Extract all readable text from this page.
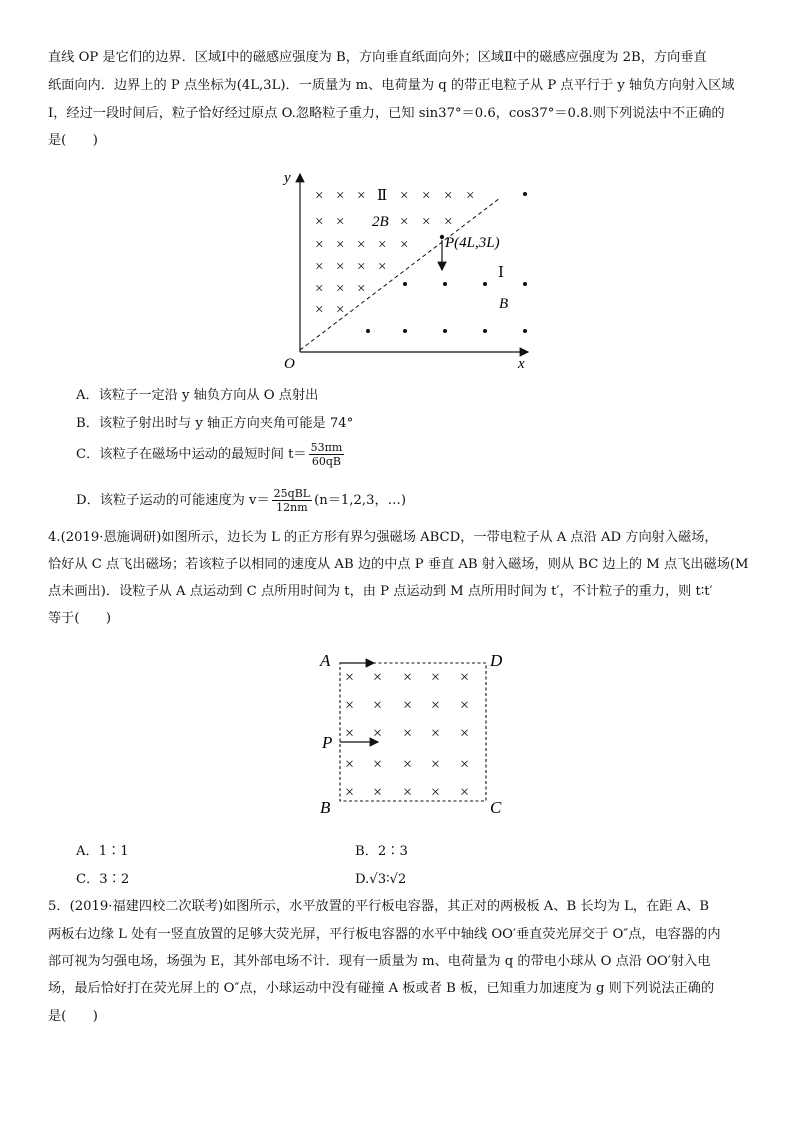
直线 OP 是它们的边界．区域Ⅰ中的磁感应强度为 B，方向垂直纸面向外；区域Ⅱ中的磁感应强度为 2B，方向垂直
纸面向内．边界上的 P 点坐标为(4L,3L)．一质量为 m、电荷量为 q 的带正电粒子从 P 点平行于 y 轴负方向射入区域
Ⅰ，经过一段时间后，粒子恰好经过原点 O.忽略粒子重力，已知 sin37°＝0.6，cos37°＝0.8.则下列说法中不正确的
是(　　)
y
x
O
× × × × × × ×
× ×	× × ×
× × × × ×
× × × ×
× × ×
× ×
Ⅱ
2B
Ⅰ
B
P(4L,3L)
A．该粒子一定沿 y 轴负方向从 O 点射出
B．该粒子射出时与 y 轴正方向夹角可能是 74°
C．该粒子在磁场中运动的最短时间 $t= \frac{53\pi m}{60qB}$
D．该粒子运动的可能速度为 $v= \frac{\text{25qBL}}{12nm} (n=1,2,3$，…)
4.(2019·恩施调研)如图所示，边长为 L 的正方形有界匀强磁场 ABCD，一带电粒子从 A 点沿 AD 方向射入磁场，
恰好从 C 点飞出磁场；若该粒子以相同的速度从 AB 边的中点 P 垂直 AB 射入磁场，则从 BC 边上的 M 点飞出磁场(M
点未画出)．设粒子从 A 点运动到 C 点所用时间为 t，由 P 点运动到 M 点所用时间为 t′，不计粒子的重力，则 t∶t′
等于(　　)
A	D
B	C
P
× × × × ×
× × × × ×
× × × × ×
× × × × ×
× × × × ×
A．1∶1	B．2∶3
C．3∶2	D.√3∶√2
5．(2019·福建四校二次联考)如图所示，水平放置的平行板电容器，其正对的两极板 A、B 长均为 L，在距 A、B
两板右边缘 L 处有一竖直放置的足够大荧光屏，平行板电容器的水平中轴线 OO′垂直荧光屏交于 O″点，电容器的内
部可视为匀强电场，场强为 E，其外部电场不计．现有一质量为 m、电荷量为 q 的带电小球从 O 点沿 OO′射入电
场，最后恰好打在荧光屏上的 O″点，小球运动中没有碰撞 A 板或者 B 板，已知重力加速度为 g 则下列说法正确的
是(　　)
